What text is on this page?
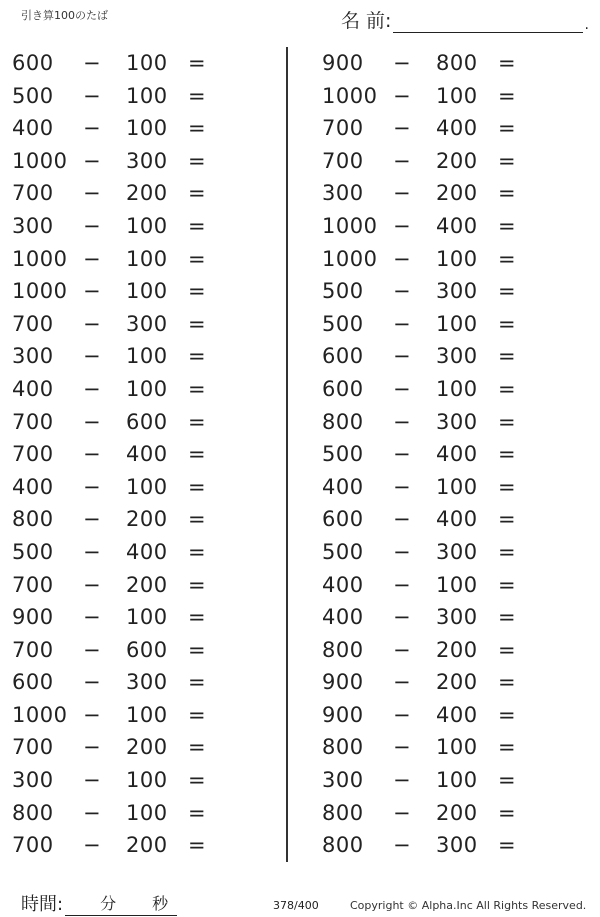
引き算100のたば	名 前:	.
600 − 100 =
500 − 100 =
400 − 100 =
1000 − 300 =
700 − 200 =
300 − 100 =
1000 − 100 =
1000 − 100 =
700 − 300 =
300 − 100 =
400 − 100 =
700 − 600 =
700 − 400 =
400 − 100 =
800 − 200 =
500 − 400 =
700 − 200 =
900 − 100 =
700 − 600 =
600 − 300 =
1000 − 100 =
700 − 200 =
300 − 100 =
800 − 100 =
700 − 200 =
900 − 800 =
1000 − 100 =
700 − 400 =
700 − 200 =
300 − 200 =
1000 − 400 =
1000 − 100 =
500 − 300 =
500 − 100 =
600 − 300 =
600 − 100 =
800 − 300 =
500 − 400 =
400 − 100 =
600 − 400 =
500 − 300 =
400 − 100 =
400 − 300 =
800 − 200 =
900 − 200 =
900 − 400 =
800 − 100 =
300 − 100 =
800 − 200 =
800 − 300 =
時間: 分 秒	378/400	Copyright © Alpha.Inc All Rights Reserved.
